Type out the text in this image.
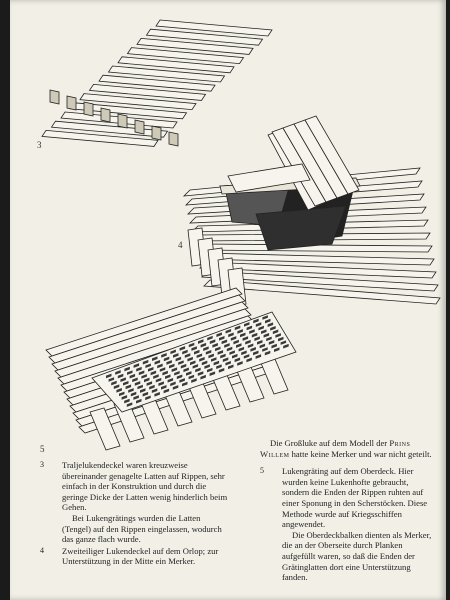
3
4
5
3	Traljelukendeckel waren kreuzweise übereinander genagelte Latten auf Rippen, sehr einfach in der Konstruktion und durch die geringe Dicke der Latten wenig hinderlich beim Gehen.

Bei Lukengrätings wurden die Latten (Tengel) auf den Rippen eingelassen, wodurch das ganze flach wurde.

4	Zweiteiliger Lukendeckel auf dem Orlop; zur Unterstützung in der Mitte ein Merker.

Die Großluke auf dem Modell der Prins Willem hatte keine Merker und war nicht geteilt.

5	Lukengräting auf dem Oberdeck. Hier wurden keine Lukenhofte gebraucht, sondern die Enden der Rippen ruhten auf einer Sponung in den Scherstöcken. Diese Methode wurde auf Kriegsschiffen angewendet.

Die Oberdeckbalken dienten als Merker, die an der Oberseite durch Planken aufgefüllt waren, so daß die Enden der Grätinglatten dort eine Unterstützung fanden.
